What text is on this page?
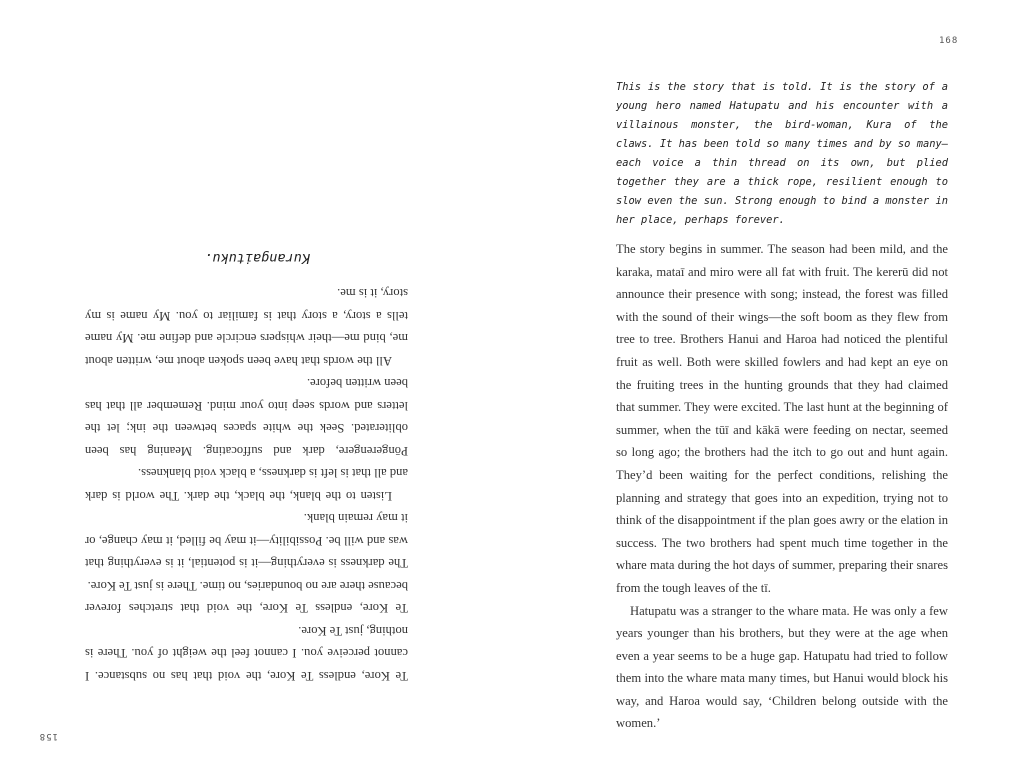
158

Te Kore, endless Te Kore, the void that has no substance. I cannot perceive you. I cannot feel the weight of you. There is nothing, just Te Kore.

Te Kore, endless Te Kore, the void that stretches forever because there are no boundaries, no time. There is just Te Kore.

The darkness is everything—it is potential, it is everything that was and will be. Possibility—it may be filled, it may change, or it may remain blank.

Listen to the blank, the black, the dark. The world is dark and all that is left is darkness, a black void blankness.

Pōngerengere, dark and suffocating. Meaning has been obliterated. Seek the white spaces between the ink; let the letters and words seep into your mind. Remember all that has been written before.

All the words that have been spoken about me, written about me, bind me—their whispers encircle and define me. My name tells a story, a story that is familiar to you. My name is my story, it is me.

Kurangaituku.
168

This is the story that is told. It is the story of a young hero named Hatupatu and his encounter with a villainous monster, the bird-woman, Kura of the claws. It has been told so many times and by so many—each voice a thin thread on its own, but plied together they are a thick rope, resilient enough to slow even the sun. Strong enough to bind a monster in her place, perhaps forever.

The story begins in summer. The season had been mild, and the karaka, mataī and miro were all fat with fruit. The kererū did not announce their presence with song; instead, the forest was filled with the sound of their wings—the soft boom as they flew from tree to tree. Brothers Hanui and Haroa had noticed the plentiful fruit as well. Both were skilled fowlers and had kept an eye on the fruiting trees in the hunting grounds that they had claimed that summer. They were excited. The last hunt at the beginning of summer, when the tūī and kākā were feeding on nectar, seemed so long ago; the brothers had the itch to go out and hunt again. They’d been waiting for the perfect conditions, relishing the planning and strategy that goes into an expedition, trying not to think of the disappointment if the plan goes awry or the elation in success. The two brothers had spent much time together in the whare mata during the hot days of summer, preparing their snares from the tough leaves of the tī.

Hatupatu was a stranger to the whare mata. He was only a few years younger than his brothers, but they were at the age when even a year seems to be a huge gap. Hatupatu had tried to follow them into the whare mata many times, but Hanui would block his way, and Haroa would say, ‘Children belong outside with the women.’
